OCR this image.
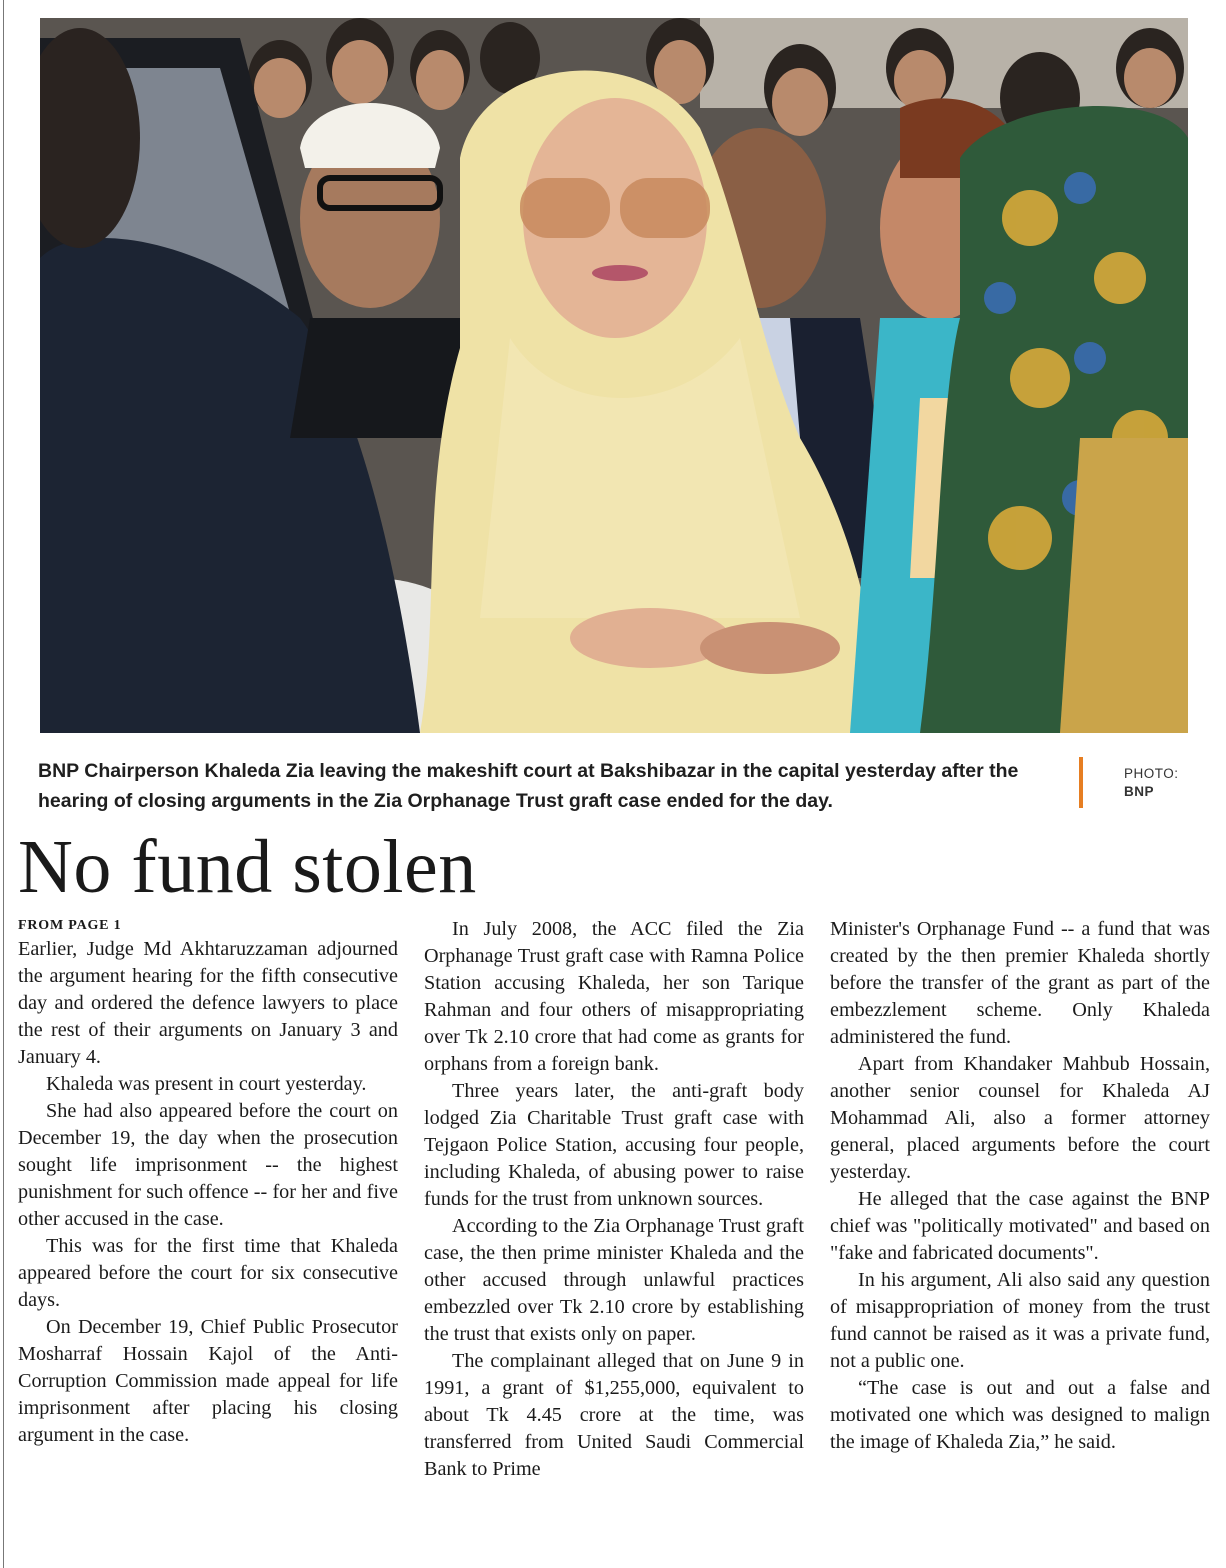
BNP Chairperson Khaleda Zia leaving the makeshift court at Bakshibazar in the capital yesterday after the hearing of closing arguments in the Zia Orphanage Trust graft case ended for the day.
PHOTO:
BNP
No fund stolen
FROM PAGE 1

Earlier, Judge Md Akhtaruzzaman adjourned the argument hearing for the fifth consecutive day and ordered the defence lawyers to place the rest of their arguments on January 3 and January 4.

Khaleda was present in court yesterday.

She had also appeared before the court on December 19, the day when the prosecution sought life imprisonment -- the highest punishment for such offence -- for her and five other accused in the case.

This was for the first time that Khaleda appeared before the court for six consecutive days.

On December 19, Chief Public Prosecutor Mosharraf Hossain Kajol of the Anti-Corruption Commission made appeal for life imprisonment after placing his closing argument in the case.

In July 2008, the ACC filed the Zia Orphanage Trust graft case with Ramna Police Station accusing Khaleda, her son Tarique Rahman and four others of misappropriating over Tk 2.10 crore that had come as grants for orphans from a foreign bank.

Three years later, the anti-graft body lodged Zia Charitable Trust graft case with Tejgaon Police Station, accusing four people, including Khaleda, of abusing power to raise funds for the trust from unknown sources.

According to the Zia Orphanage Trust graft case, the then prime minister Khaleda and the other accused through unlawful practices embezzled over Tk 2.10 crore by establishing the trust that exists only on paper.

The complainant alleged that on June 9 in 1991, a grant of $1,255,000, equivalent to about Tk 4.45 crore at the time, was transferred from United Saudi Commercial Bank to Prime

Minister's Orphanage Fund -- a fund that was created by the then premier Khaleda shortly before the transfer of the grant as part of the embezzlement scheme. Only Khaleda administered the fund.

Apart from Khandaker Mahbub Hossain, another senior counsel for Khaleda AJ Mohammad Ali, also a former attorney general, placed arguments before the court yesterday.

He alleged that the case against the BNP chief was "politically motivated" and based on "fake and fabricated documents".

In his argument, Ali also said any question of misappropriation of money from the trust fund cannot be raised as it was a private fund, not a public one.

“The case is out and out a false and motivated one which was designed to malign the image of Khaleda Zia,” he said.
